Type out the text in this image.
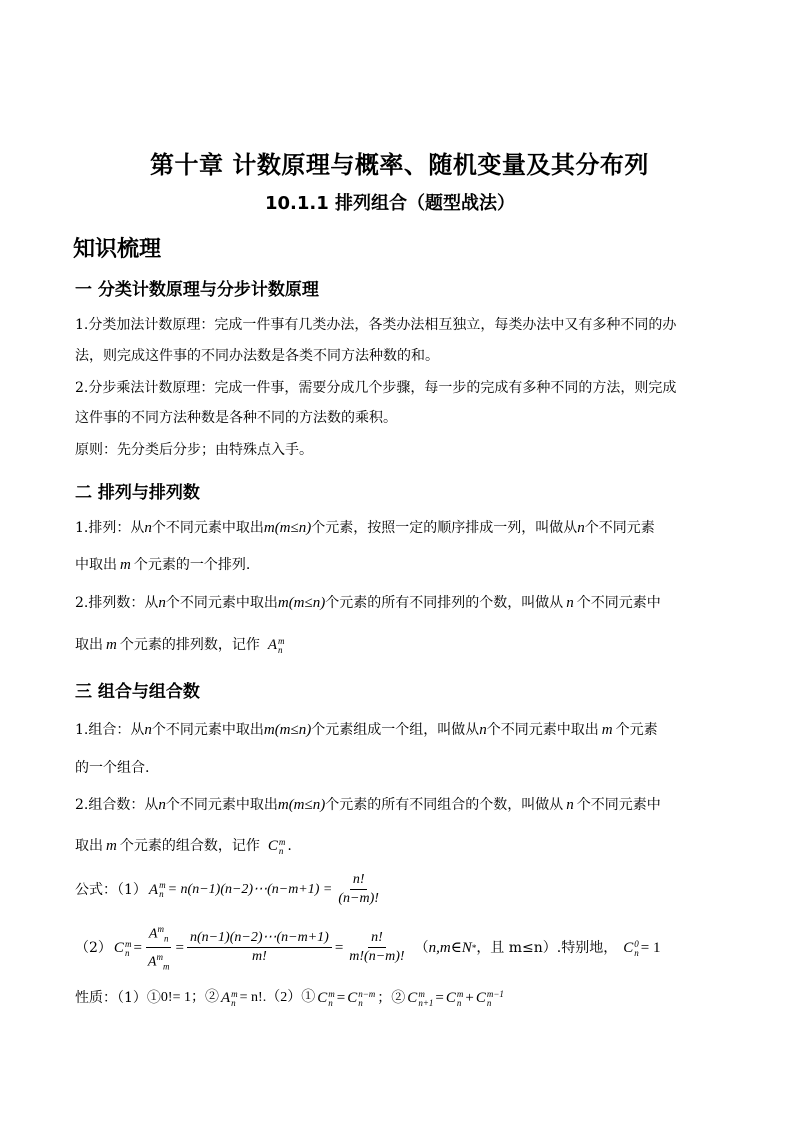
第十章 计数原理与概率、随机变量及其分布列
10.1.1 排列组合（题型战法）
知识梳理
一 分类计数原理与分步计数原理
1.分类加法计数原理：完成一件事有几类办法，各类办法相互独立，每类办法中又有多种不同的办
法，则完成这件事的不同办法数是各类不同方法种数的和。
2.分步乘法计数原理：完成一件事，需要分成几个步骤，每一步的完成有多种不同的方法，则完成
这件事的不同方法种数是各种不同的方法数的乘积。
原则：先分类后分步；由特殊点入手。
二 排列与排列数
1.排列：从 n 个不同元素中取出 m(m≤n) 个元素，按照一定的顺序排成一列，叫做从 n 个不同元素
中取出 m 个元素的一个排列.
2.排列数：从 n 个不同元素中取出 m(m≤n) 个元素的所有不同排列的个数，叫做从 n 个不同元素中
取出 m 个元素的排列数，记作 A m
n
三 组合与组合数
1.组合：从 n 个不同元素中取出 m(m≤n) 个元素组成一个组，叫做从 n 个不同元素中取出 m 个元素
的一个组合.
2.组合数：从 n 个不同元素中取出 m(m≤n) 个元素的所有不同组合的个数，叫做从 n 个不同元素中
取出 m 个元素的组合数，记作 C m
n .
公式：（1） A m
n = n(n−1)(n−2)⋯(n−m+1) = $\frac{n!}{(n-m)!}$
（2） C m
$n = \frac{A^m_n}{A^m_m} = \frac{n(n-1)(n-2)\cdots(n-m+1)}{m!} = \frac{n!}{m!(n-m)!}$ （ n,m∈N * ，且 m≤n）.特别地， C 0
n = 1
性质：（1）① 0!= 1；② A m
n = n!.（2）① C m
n = C n−m
n	；② C m
n+1 = C m
n + C m−1
n
